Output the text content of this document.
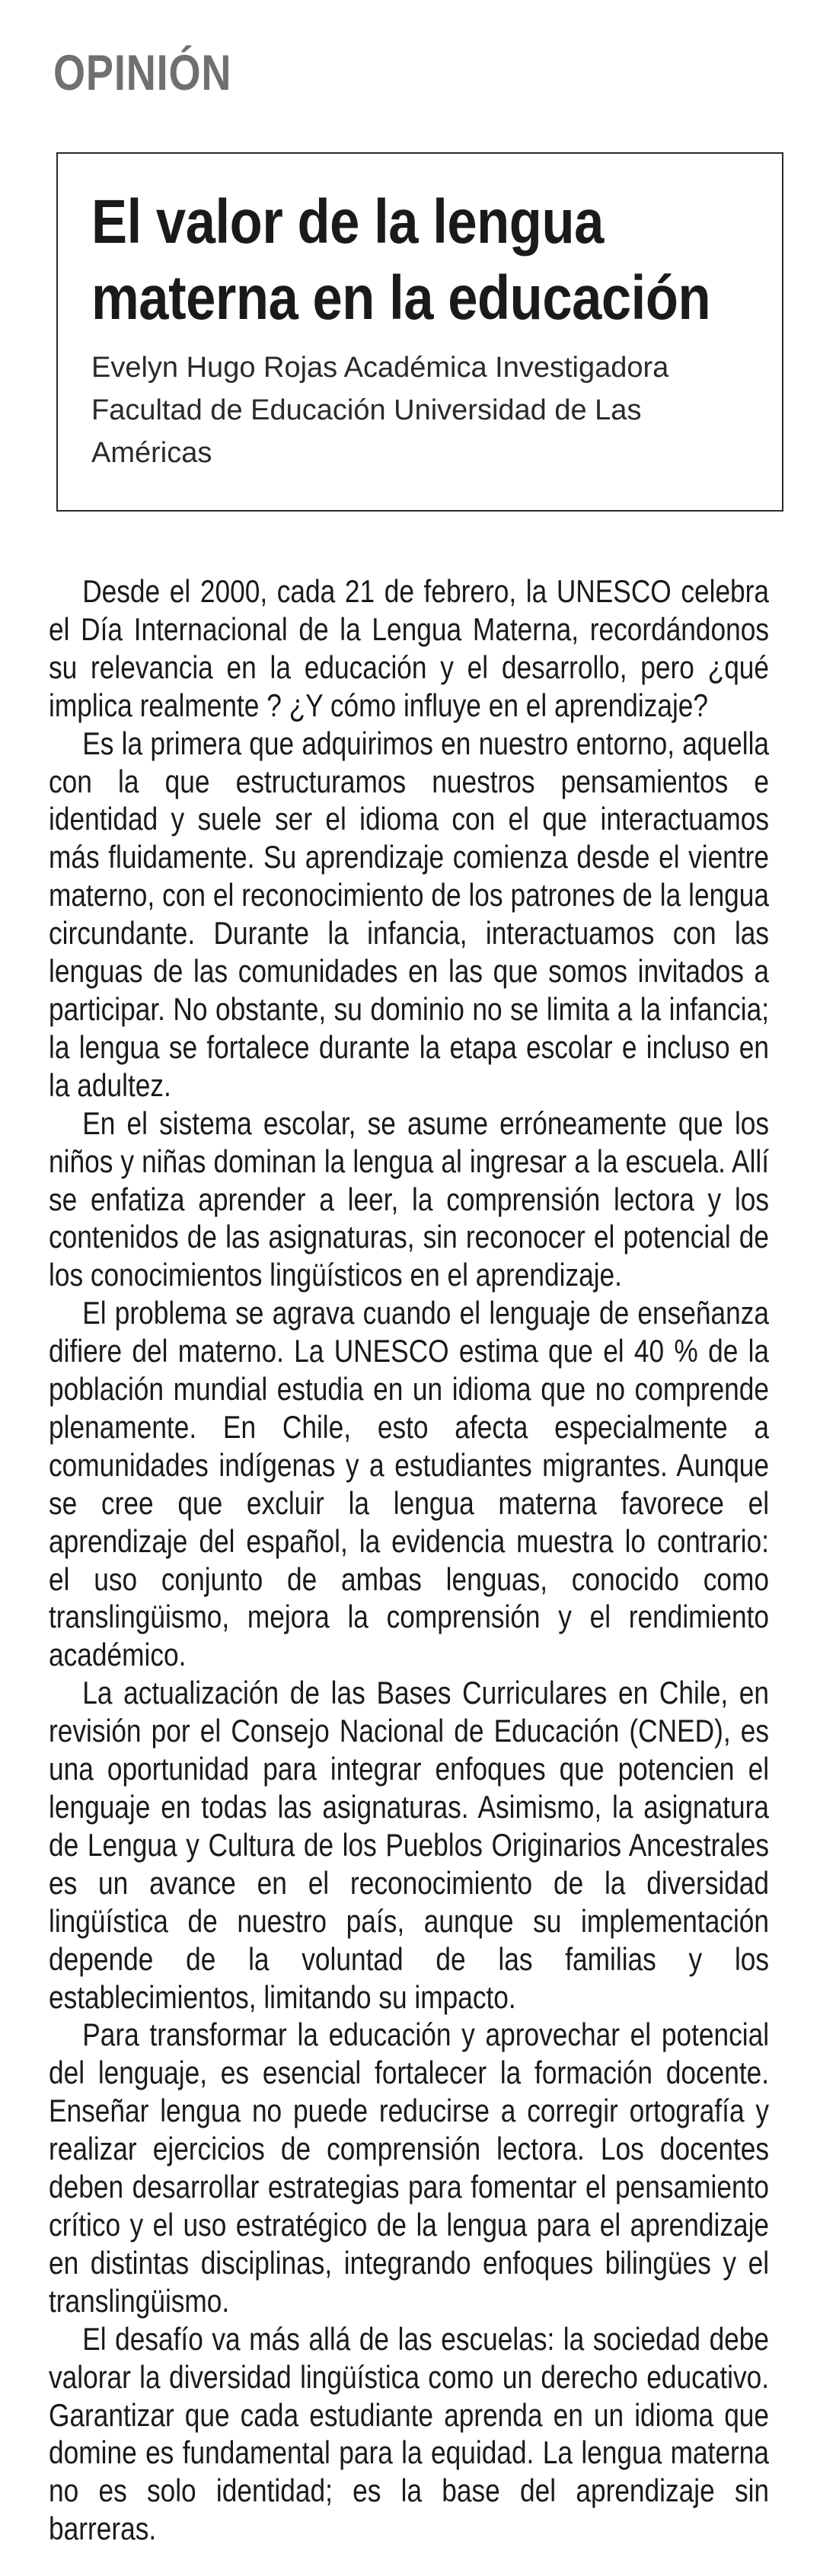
OPINIÓN
El valor de la lengua materna en la educación
Evelyn Hugo Rojas Académica Investigadora Facultad de Educación Universidad de Las Américas

Desde el 2000, cada 21 de febrero, la UNESCO celebra el Día Internacional de la Lengua Materna, recordándonos su relevancia en la educación y el desarrollo, pero ¿qué implica realmente ? ¿Y cómo influye en el aprendizaje?

Es la primera que adquirimos en nuestro entorno, aquella con la que estructuramos nuestros pensamientos e identidad y suele ser el idioma con el que interactuamos más fluidamente. Su aprendizaje comienza desde el vientre materno, con el reconocimiento de los patrones de la lengua circundante. Durante la infancia, interactuamos con las lenguas de las comunidades en las que somos invitados a participar. No obstante, su dominio no se limita a la infancia; la lengua se fortalece durante la etapa escolar e incluso en la adultez.

En el sistema escolar, se asume erróneamente que los niños y niñas dominan la lengua al ingresar a la escuela. Allí se enfatiza aprender a leer, la comprensión lectora y los contenidos de las asignaturas, sin reconocer el potencial de los conocimientos lingüísticos en el aprendizaje.

El problema se agrava cuando el lenguaje de enseñanza difiere del materno. La UNESCO estima que el 40 % de la población mundial estudia en un idioma que no comprende plenamente. En Chile, esto afecta especialmente a comunidades indígenas y a estudiantes migrantes. Aunque se cree que excluir la lengua materna favorece el aprendizaje del español, la evidencia muestra lo contrario: el uso conjunto de ambas lenguas, conocido como translingüismo, mejora la comprensión y el rendimiento académico.

La actualización de las Bases Curriculares en Chile, en revisión por el Consejo Nacional de Educación (CNED), es una oportunidad para integrar enfoques que potencien el lenguaje en todas las asignaturas. Asimismo, la asignatura de Lengua y Cultura de los Pueblos Originarios Ancestrales es un avance en el reconocimiento de la diversidad lingüística de nuestro país, aunque su implementación depende de la voluntad de las familias y los establecimientos, limitando su impacto.

Para transformar la educación y aprovechar el potencial del lenguaje, es esencial fortalecer la formación docente. Enseñar lengua no puede reducirse a corregir ortografía y realizar ejercicios de comprensión lectora. Los docentes deben desarrollar estrategias para fomentar el pensamiento crítico y el uso estratégico de la lengua para el aprendizaje en distintas disciplinas, integrando enfoques bilingües y el translingüismo.

El desafío va más allá de las escuelas: la sociedad debe valorar la diversidad lingüística como un derecho educativo. Garantizar que cada estudiante aprenda en un idioma que domine es fundamental para la equidad. La lengua materna no es solo identidad; es la base del aprendizaje sin barreras.
